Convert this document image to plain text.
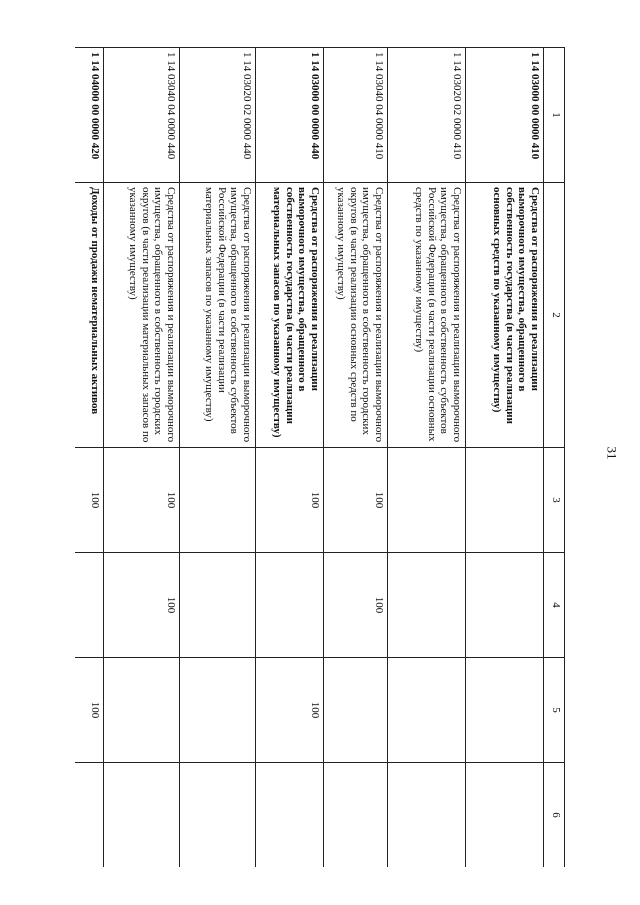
31
1	2	3	4	5	6
1 14 03000 00 0000 410	Средства от распоряжения и реализации выморочного имущества, обращенного в собственность государства (в части реализации основных средств по указанному имуществу)				
1 14 03020 02 0000 410	Средства от распоряжения и реализации выморочного имущества, обращенного в собственность субъектов Российской Федерации (в части реализации основных средств по указанному имуществу)				
1 14 03040 04 0000 410	Средства от распоряжения и реализации выморочного имущества, обращенного в собственность городских округов (в части реализации основных средств по указанному имуществу)	100	100		
1 14 03000 00 0000 440	Средства от распоряжения и реализации выморочного имущества, обращенного в собственность государства (в части реализации материальных запасов по указанному имуществу)	100		100	
1 14 03020 02 0000 440	Средства от распоряжения и реализации выморочного имущества, обращенного в собственность субъектов Российской Федерации (в части реализации материальных запасов по указанному имуществу)				
1 14 03040 04 0000 440	Средства от распоряжения и реализации выморочного имущества, обращенного в собственность городских округов (в части реализации материальных запасов по указанному имуществу)	100	100		
1 14 04000 00 0000 420	Доходы от продажи нематериальных активов	100		100	
